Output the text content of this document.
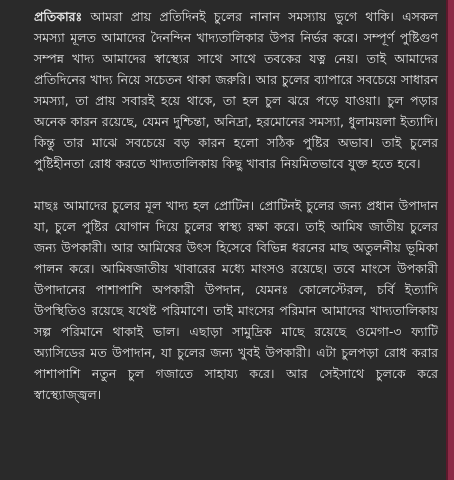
প্রতিকারঃ আমরা প্রায় প্রতিদিনই চুলের নানান সমস্যায় ভুগে থাকি। এসকল সমস্যা মূলত আমাদের দৈনন্দিন খাদ্যতালিকার উপর নির্ভর করে। সম্পূর্ণ পুষ্টিগুণ সম্পন্ন খাদ্য আমাদের স্বাস্থ্যের সাথে সাথে তবকের যত্ন নেয়। তাই আমাদের প্রতিদিনের খাদ্য নিয়ে সচেতন থাকা জরুরি। আর চুলের ব্যাপারে সবচেয়ে সাধারন সমস্যা, তা প্রায় সবারই হয়ে থাকে, তা হল চুল ঝরে পড়ে যাওয়া। চুল পড়ার অনেক কারন রয়েছে, যেমন দুশ্চিন্তা, অনিদ্রা, হরমোনের সমস্যা, ধুলাময়লা ইত্যাদি। কিন্তু তার মাঝে সবচেয়ে বড় কারন হলো সঠিক পুষ্টির অভাব। তাই চুলের পুষ্টিহীনতা রোধ করতে খাদ্যতালিকায় কিছু খাবার নিয়মিতভাবে যুক্ত হতে হবে।

মাছঃ আমাদের চুলের মূল খাদ্য হল প্রোটিন। প্রোটিনই চুলের জন্য প্রধান উপাদান যা, চুলে পুষ্টির যোগান দিয়ে চুলের স্বাস্থ্য রক্ষা করে। তাই আমিষ জাতীয় চুলের জন্য উপকারী। আর আমিষের উৎস হিসেবে বিভিন্ন ধরনের মাছ অতুলনীয় ভূমিকা পালন করে। আমিষজাতীয় খাবারের মধ্যে মাংসও রয়েছে। তবে মাংসে উপকারী উপাদানের পাশাপাশি অপকারী উপদান, যেমনঃ কোলেস্টেরল, চর্বি ইত্যাদি উপস্থিতিও রয়েছে যথেষ্ট পরিমাণে। তাই মাংসের পরিমান আমাদের খাদ্যতালিকায় সল্প পরিমানে থাকাই ভাল। এছাড়া সামুদ্রিক মাছে রয়েছে ওমেগা-৩ ফ্যাটি অ্যাসিডের মত উপাদান, যা চুলের জন্য খুবই উপকারী। এটা চুলপড়া রোধ করার পাশাপাশি নতুন চুল গজাতে সাহায্য করে। আর সেইসাথে চুলকে করে স্বাস্থ্যোজ্জ্বল।
